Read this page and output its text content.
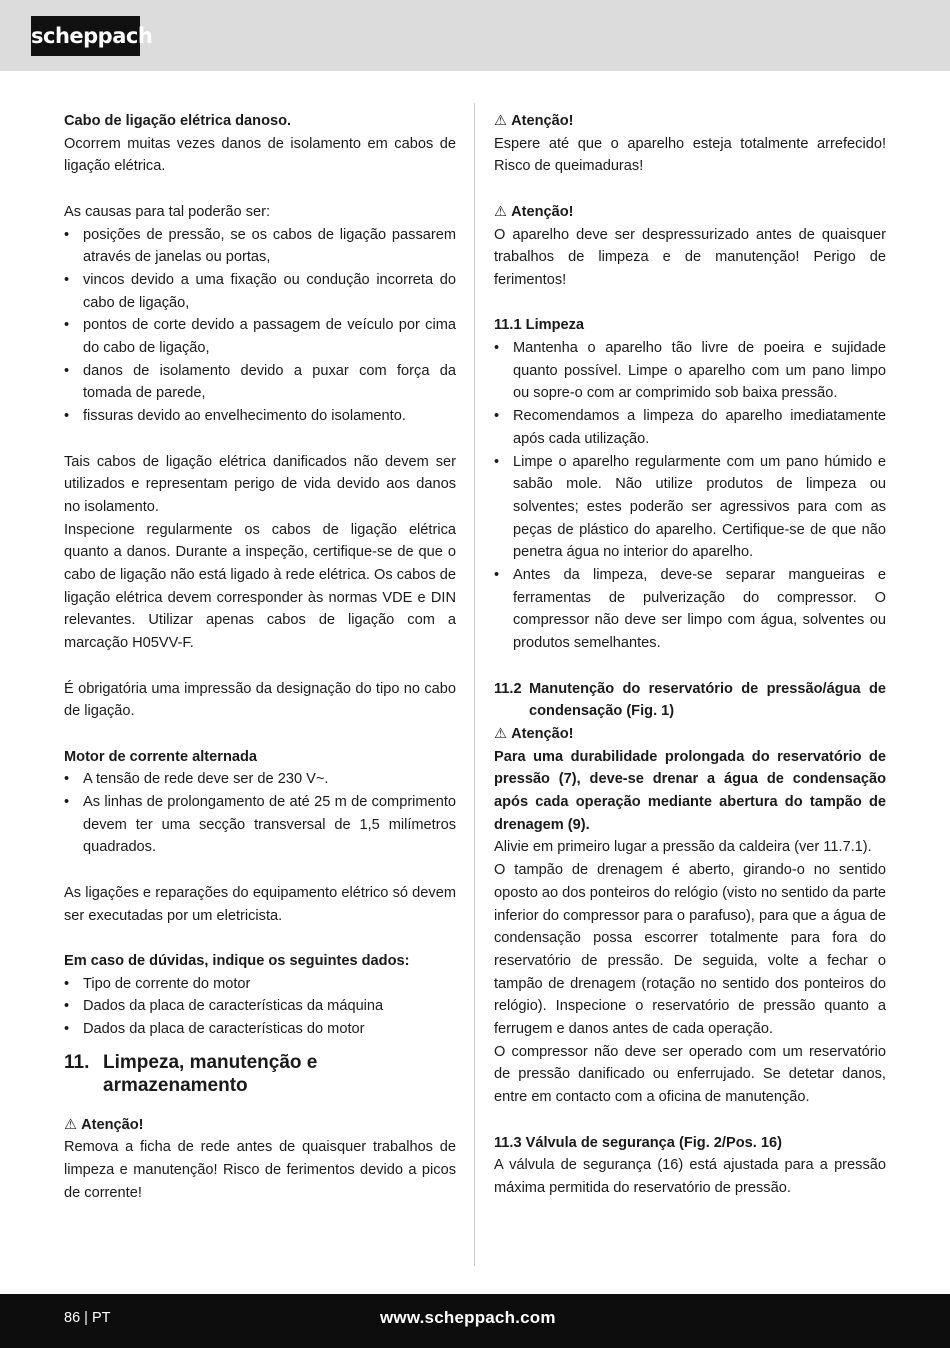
scheppach

Cabo de ligação elétrica danoso.

Ocorrem muitas vezes danos de isolamento em cabos de ligação elétrica.

As causas para tal poderão ser:

• posições de pressão, se os cabos de ligação passarem através de janelas ou portas,
• vincos devido a uma fixação ou condução incorreta do cabo de ligação,
• pontos de corte devido a passagem de veículo por cima do cabo de ligação,
• danos de isolamento devido a puxar com força da tomada de parede,
• fissuras devido ao envelhecimento do isolamento.

Tais cabos de ligação elétrica danificados não devem ser utilizados e representam perigo de vida devido aos danos no isolamento.

Inspecione regularmente os cabos de ligação elétrica quanto a danos. Durante a inspeção, certifique-se de que o cabo de ligação não está ligado à rede elétrica. Os cabos de ligação elétrica devem corresponder às normas VDE e DIN relevantes. Utilizar apenas cabos de ligação com a marcação H05VV-F.

É obrigatória uma impressão da designação do tipo no cabo de ligação.

Motor de corrente alternada

• A tensão de rede deve ser de 230 V~.
• As linhas de prolongamento de até 25 m de comprimento devem ter uma secção transversal de 1,5 milímetros quadrados.

As ligações e reparações do equipamento elétrico só devem ser executadas por um eletricista.

Em caso de dúvidas, indique os seguintes dados:

• Tipo de corrente do motor
• Dados da placa de características da máquina
• Dados da placa de características do motor
11. Limpeza, manutenção e armazenamento

⚠ Atenção!

Remova a ficha de rede antes de quaisquer trabalhos de limpeza e manutenção! Risco de ferimentos devido a picos de corrente!

⚠ Atenção!

Espere até que o aparelho esteja totalmente arrefecido! Risco de queimaduras!

⚠ Atenção!

O aparelho deve ser despressurizado antes de quaisquer trabalhos de limpeza e de manutenção! Perigo de ferimentos!

11.1 Limpeza

• Mantenha o aparelho tão livre de poeira e sujidade quanto possível. Limpe o aparelho com um pano limpo ou sopre-o com ar comprimido sob baixa pressão.
• Recomendamos a limpeza do aparelho imediatamente após cada utilização.
• Limpe o aparelho regularmente com um pano húmido e sabão mole. Não utilize produtos de limpeza ou solventes; estes poderão ser agressivos para com as peças de plástico do aparelho. Certifique-se de que não penetra água no interior do aparelho.
• Antes da limpeza, deve-se separar mangueiras e ferramentas de pulverização do compressor. O compressor não deve ser limpo com água, solventes ou produtos semelhantes.

11.2 Manutenção do reservatório de pressão/água de condensação (Fig. 1)

⚠ Atenção!

Para uma durabilidade prolongada do reservatório de pressão (7), deve-se drenar a água de condensação após cada operação mediante abertura do tampão de drenagem (9).

Alivie em primeiro lugar a pressão da caldeira (ver 11.7.1).

O tampão de drenagem é aberto, girando-o no sentido oposto ao dos ponteiros do relógio (visto no sentido da parte inferior do compressor para o parafuso), para que a água de condensação possa escorrer totalmente para fora do reservatório de pressão. De seguida, volte a fechar o tampão de drenagem (rotação no sentido dos ponteiros do relógio). Inspecione o reservatório de pressão quanto a ferrugem e danos antes de cada operação.

O compressor não deve ser operado com um reservatório de pressão danificado ou enferrujado. Se detetar danos, entre em contacto com a oficina de manutenção.

11.3 Válvula de segurança (Fig. 2/Pos. 16)

A válvula de segurança (16) está ajustada para a pressão máxima permitida do reservatório de pressão.

86 | PT	www.scheppach.com
